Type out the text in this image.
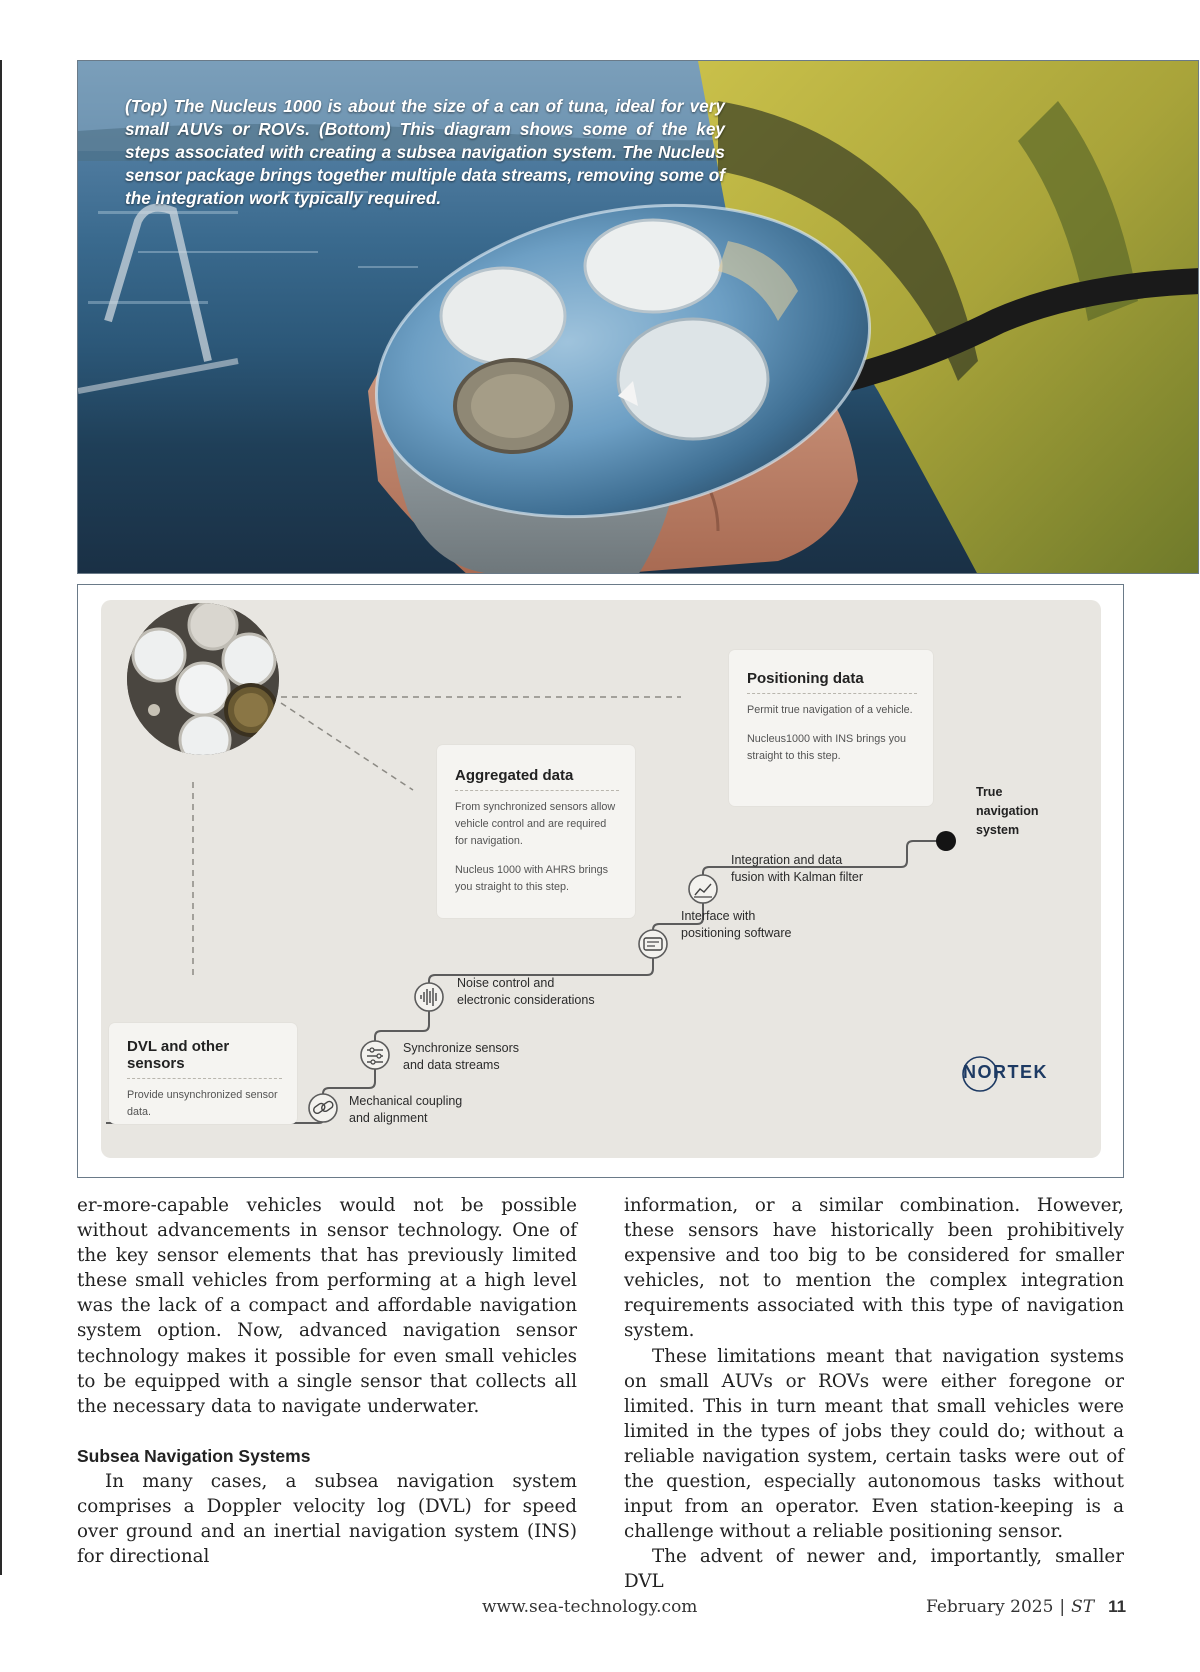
(Top) The Nucleus 1000 is about the size of a can of tuna, ideal for very small AUVs or ROVs. (Bottom) This diagram shows some of the key steps associated with creating a subsea navigation system. The Nucleus sensor package brings together multiple data streams, removing some of the integration work typically required.
DVL and other sensors
Provide unsynchronized sensor data.
Aggregated data
From synchronized sensors allow vehicle control and are required for navigation.
Nucleus 1000 with AHRS brings you straight to this step.
Positioning data
Permit true navigation of a vehicle.
Nucleus1000 with INS brings you straight to this step.
Mechanical coupling
and alignment
Synchronize sensors
and data streams
Noise control and
electronic considerations
Interface with
positioning software
Integration and data
fusion with Kalman filter
True navigation system
NORTEK

er-more-capable vehicles would not be possible without advancements in sensor technology. One of the key sensor elements that has previously limited these small vehicles from performing at a high level was the lack of a compact and affordable navigation system option. Now, advanced navigation sensor technology makes it possible for even small vehicles to be equipped with a single sensor that collects all the necessary data to navigate underwater.

Subsea Navigation Systems

In many cases, a subsea navigation system comprises a Doppler velocity log (DVL) for speed over ground and an inertial navigation system (INS) for directional

information, or a similar combination. However, these sensors have historically been prohibitively expensive and too big to be considered for smaller vehicles, not to mention the complex integration requirements associated with this type of navigation system.

These limitations meant that navigation systems on small AUVs or ROVs were either foregone or limited. This in turn meant that small vehicles were limited in the types of jobs they could do; without a reliable navigation system, certain tasks were out of the question, especially autonomous tasks without input from an operator. Even station-keeping is a challenge without a reliable positioning sensor.

The advent of newer and, importantly, smaller DVL

www.sea-technology.com	February 2025 | ST 11
